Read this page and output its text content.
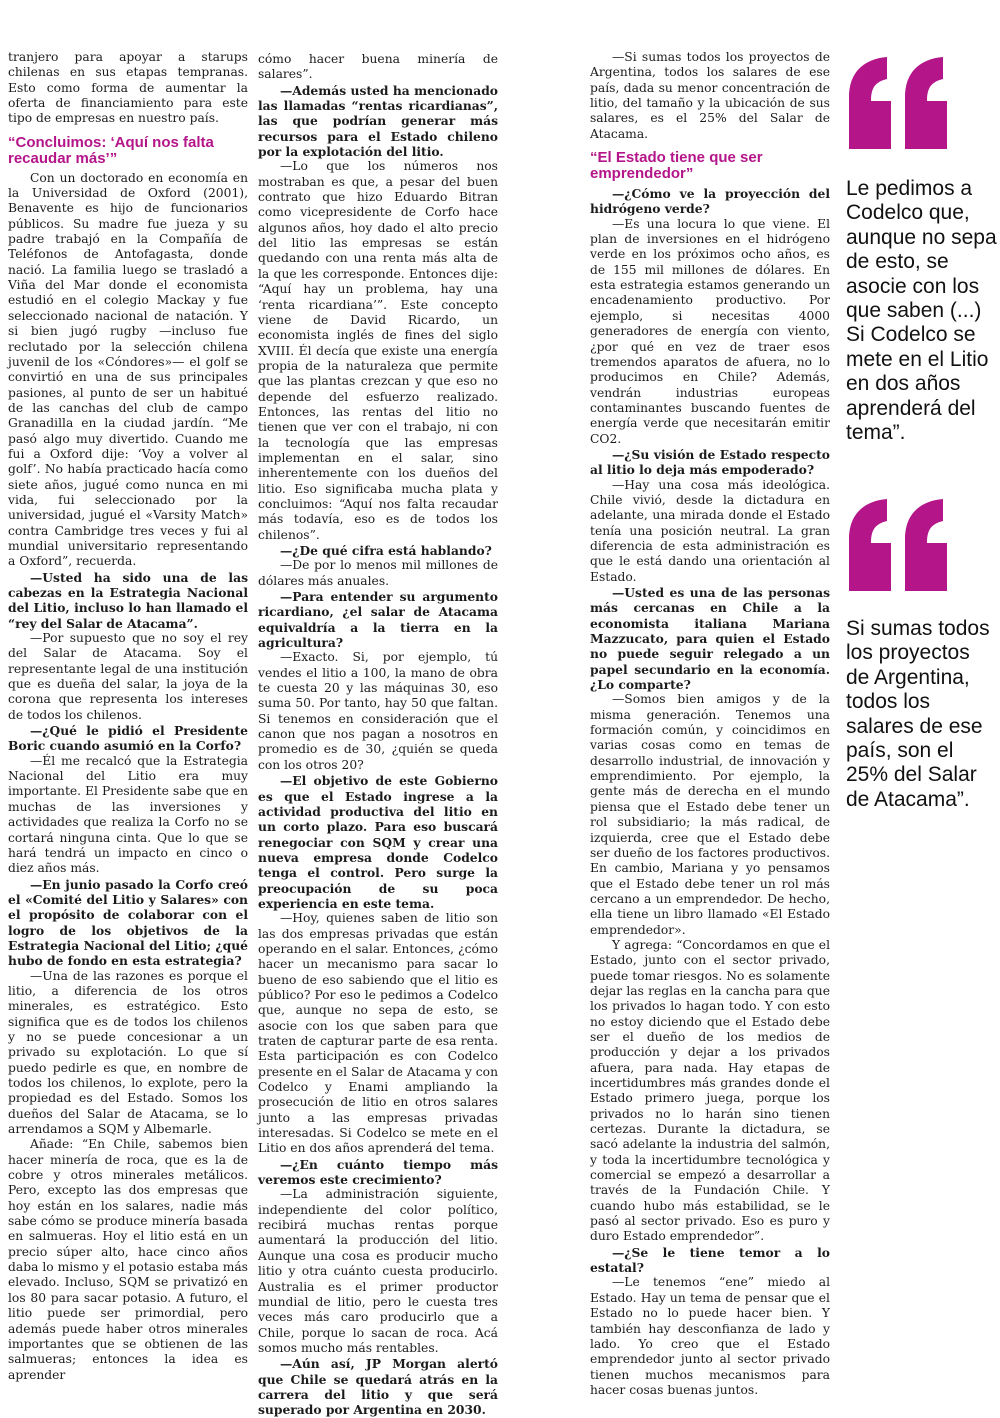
tranjero para apoyar a starups chilenas en sus etapas tempranas. Esto como forma de aumentar la oferta de financiamiento para este tipo de empresas en nuestro país.

“Concluimos: ‘Aquí nos falta recaudar más’”

Con un doctorado en economía en la Universidad de Oxford (2001), Benavente es hijo de funcionarios públicos. Su madre fue jueza y su padre trabajó en la Compañía de Teléfonos de Antofagasta, donde nació. La familia luego se trasladó a Viña del Mar donde el economista estudió en el colegio Mackay y fue seleccionado nacional de natación. Y si bien jugó rugby —incluso fue reclutado por la selección chilena juvenil de los «Cóndores»— el golf se convirtió en una de sus principales pasiones, al punto de ser un habitué de las canchas del club de campo Granadilla en la ciudad jardín. “Me pasó algo muy divertido. Cuando me fui a Oxford dije: ‘Voy a volver al golf’. No había practicado hacía como siete años, jugué como nunca en mi vida, fui seleccionado por la universidad, jugué el «Varsity Match» contra Cambridge tres veces y fui al mundial universitario representando a Oxford”, recuerda.

—Usted ha sido una de las cabezas en la Estrategia Nacional del Litio, incluso lo han llamado el “rey del Salar de Atacama”.

—Por supuesto que no soy el rey del Salar de Atacama. Soy el representante legal de una institución que es dueña del salar, la joya de la corona que representa los intereses de todos los chilenos.

—¿Qué le pidió el Presidente Boric cuando asumió en la Corfo?

—Él me recalcó que la Estrategia Nacional del Litio era muy importante. El Presidente sabe que en muchas de las inversiones y actividades que realiza la Corfo no se cortará ninguna cinta. Que lo que se hará tendrá un impacto en cinco o diez años más.

—En junio pasado la Corfo creó el «Comité del Litio y Salares» con el propósito de colaborar con el logro de los objetivos de la Estrategia Nacional del Litio; ¿qué hubo de fondo en esta estrategia?

—Una de las razones es porque el litio, a diferencia de los otros minerales, es estratégico. Esto significa que es de todos los chilenos y no se puede concesionar a un privado su explotación. Lo que sí puedo pedirle es que, en nombre de todos los chilenos, lo explote, pero la propiedad es del Estado. Somos los dueños del Salar de Atacama, se lo arrendamos a SQM y Albemarle.

Añade: “En Chile, sabemos bien hacer minería de roca, que es la de cobre y otros minerales metálicos. Pero, excepto las dos empresas que hoy están en los salares, nadie más sabe cómo se produce minería basada en salmueras. Hoy el litio está en un precio súper alto, hace cinco años daba lo mismo y el potasio estaba más elevado. Incluso, SQM se privatizó en los 80 para sacar potasio. A futuro, el litio puede ser primordial, pero además puede haber otros minerales importantes que se obtienen de las salmueras; entonces la idea es aprender

cómo hacer buena minería de salares”.

—Además usted ha mencionado las llamadas “rentas ricardianas”, las que podrían generar más recursos para el Estado chileno por la explotación del litio.

—Lo que los números nos mostraban es que, a pesar del buen contrato que hizo Eduardo Bitran como vicepresidente de Corfo hace algunos años, hoy dado el alto precio del litio las empresas se están quedando con una renta más alta de la que les corresponde. Entonces dije: “Aquí hay un problema, hay una ‘renta ricardiana’”. Este concepto viene de David Ricardo, un economista inglés de fines del siglo XVIII. Él decía que existe una energía propia de la naturaleza que permite que las plantas crezcan y que eso no depende del esfuerzo realizado. Entonces, las rentas del litio no tienen que ver con el trabajo, ni con la tecnología que las empresas implementan en el salar, sino inherentemente con los dueños del litio. Eso significaba mucha plata y concluimos: “Aquí nos falta recaudar más todavía, eso es de todos los chilenos”.

—¿De qué cifra está hablando?

—De por lo menos mil millones de dólares más anuales.

—Para entender su argumento ricardiano, ¿el salar de Atacama equivaldría a la tierra en la agricultura?

—Exacto. Si, por ejemplo, tú vendes el litio a 100, la mano de obra te cuesta 20 y las máquinas 30, eso suma 50. Por tanto, hay 50 que faltan. Si tenemos en consideración que el canon que nos pagan a nosotros en promedio es de 30, ¿quién se queda con los otros 20?

—El objetivo de este Gobierno es que el Estado ingrese a la actividad productiva del litio en un corto plazo. Para eso buscará renegociar con SQM y crear una nueva empresa donde Codelco tenga el control. Pero surge la preocupación de su poca experiencia en este tema.

—Hoy, quienes saben de litio son las dos empresas privadas que están operando en el salar. Entonces, ¿cómo hacer un mecanismo para sacar lo bueno de eso sabiendo que el litio es público? Por eso le pedimos a Codelco que, aunque no sepa de esto, se asocie con los que saben para que traten de capturar parte de esa renta. Esta participación es con Codelco presente en el Salar de Atacama y con Codelco y Enami ampliando la prosecución de litio en otros salares junto a las empresas privadas interesadas. Si Codelco se mete en el Litio en dos años aprenderá del tema.

—¿En cuánto tiempo más veremos este crecimiento?

—La administración siguiente, independiente del color político, recibirá muchas rentas porque aumentará la producción del litio. Aunque una cosa es producir mucho litio y otra cuánto cuesta producirlo. Australia es el primer productor mundial de litio, pero le cuesta tres veces más caro producirlo que a Chile, porque lo sacan de roca. Acá somos mucho más rentables.

—Aún así, JP Morgan alertó que Chile se quedará atrás en la carrera del litio y que será superado por Argentina en 2030.

—Si sumas todos los proyectos de Argentina, todos los salares de ese país, dada su menor concentración de litio, del tamaño y la ubicación de sus salares, es el 25% del Salar de Atacama.

“El Estado tiene que ser emprendedor”

—¿Cómo ve la proyección del hidrógeno verde?

—Es una locura lo que viene. El plan de inversiones en el hidrógeno verde en los próximos ocho años, es de 155 mil millones de dólares. En esta estrategia estamos generando un encadenamiento productivo. Por ejemplo, si necesitas 4000 generadores de energía con viento, ¿por qué en vez de traer esos tremendos aparatos de afuera, no lo producimos en Chile? Además, vendrán industrias europeas contaminantes buscando fuentes de energía verde que necesitarán emitir CO2.

—¿Su visión de Estado respecto al litio lo deja más empoderado?

—Hay una cosa más ideológica. Chile vivió, desde la dictadura en adelante, una mirada donde el Estado tenía una posición neutral. La gran diferencia de esta administración es que le está dando una orientación al Estado.

—Usted es una de las personas más cercanas en Chile a la economista italiana Mariana Mazzucato, para quien el Estado no puede seguir relegado a un papel secundario en la economía. ¿Lo comparte?

—Somos bien amigos y de la misma generación. Tenemos una formación común, y coincidimos en varias cosas como en temas de desarrollo industrial, de innovación y emprendimiento. Por ejemplo, la gente más de derecha en el mundo piensa que el Estado debe tener un rol subsidiario; la más radical, de izquierda, cree que el Estado debe ser dueño de los factores productivos. En cambio, Mariana y yo pensamos que el Estado debe tener un rol más cercano a un emprendedor. De hecho, ella tiene un libro llamado «El Estado emprendedor».

Y agrega: “Concordamos en que el Estado, junto con el sector privado, puede tomar riesgos. No es solamente dejar las reglas en la cancha para que los privados lo hagan todo. Y con esto no estoy diciendo que el Estado debe ser el dueño de los medios de producción y dejar a los privados afuera, para nada. Hay etapas de incertidumbres más grandes donde el Estado primero juega, porque los privados no lo harán sino tienen certezas. Durante la dictadura, se sacó adelante la industria del salmón, y toda la incertidumbre tecnológica y comercial se empezó a desarrollar a través de la Fundación Chile. Y cuando hubo más estabilidad, se le pasó al sector privado. Eso es puro y duro Estado emprendedor”.

—¿Se le tiene temor a lo estatal?

—Le tenemos “ene” miedo al Estado. Hay un tema de pensar que el Estado no lo puede hacer bien. Y también hay desconfianza de lado y lado. Yo creo que el Estado emprendedor junto al sector privado tienen muchos mecanismos para hacer cosas buenas juntos.

Le pedimos a Codelco que, aunque no sepa de esto, se asocie con los que saben (...) Si Codelco se mete en el Litio en dos años aprenderá del tema”.
Si sumas todos los proyectos de Argentina, todos los salares de ese país, son el 25% del Salar de Atacama”.
